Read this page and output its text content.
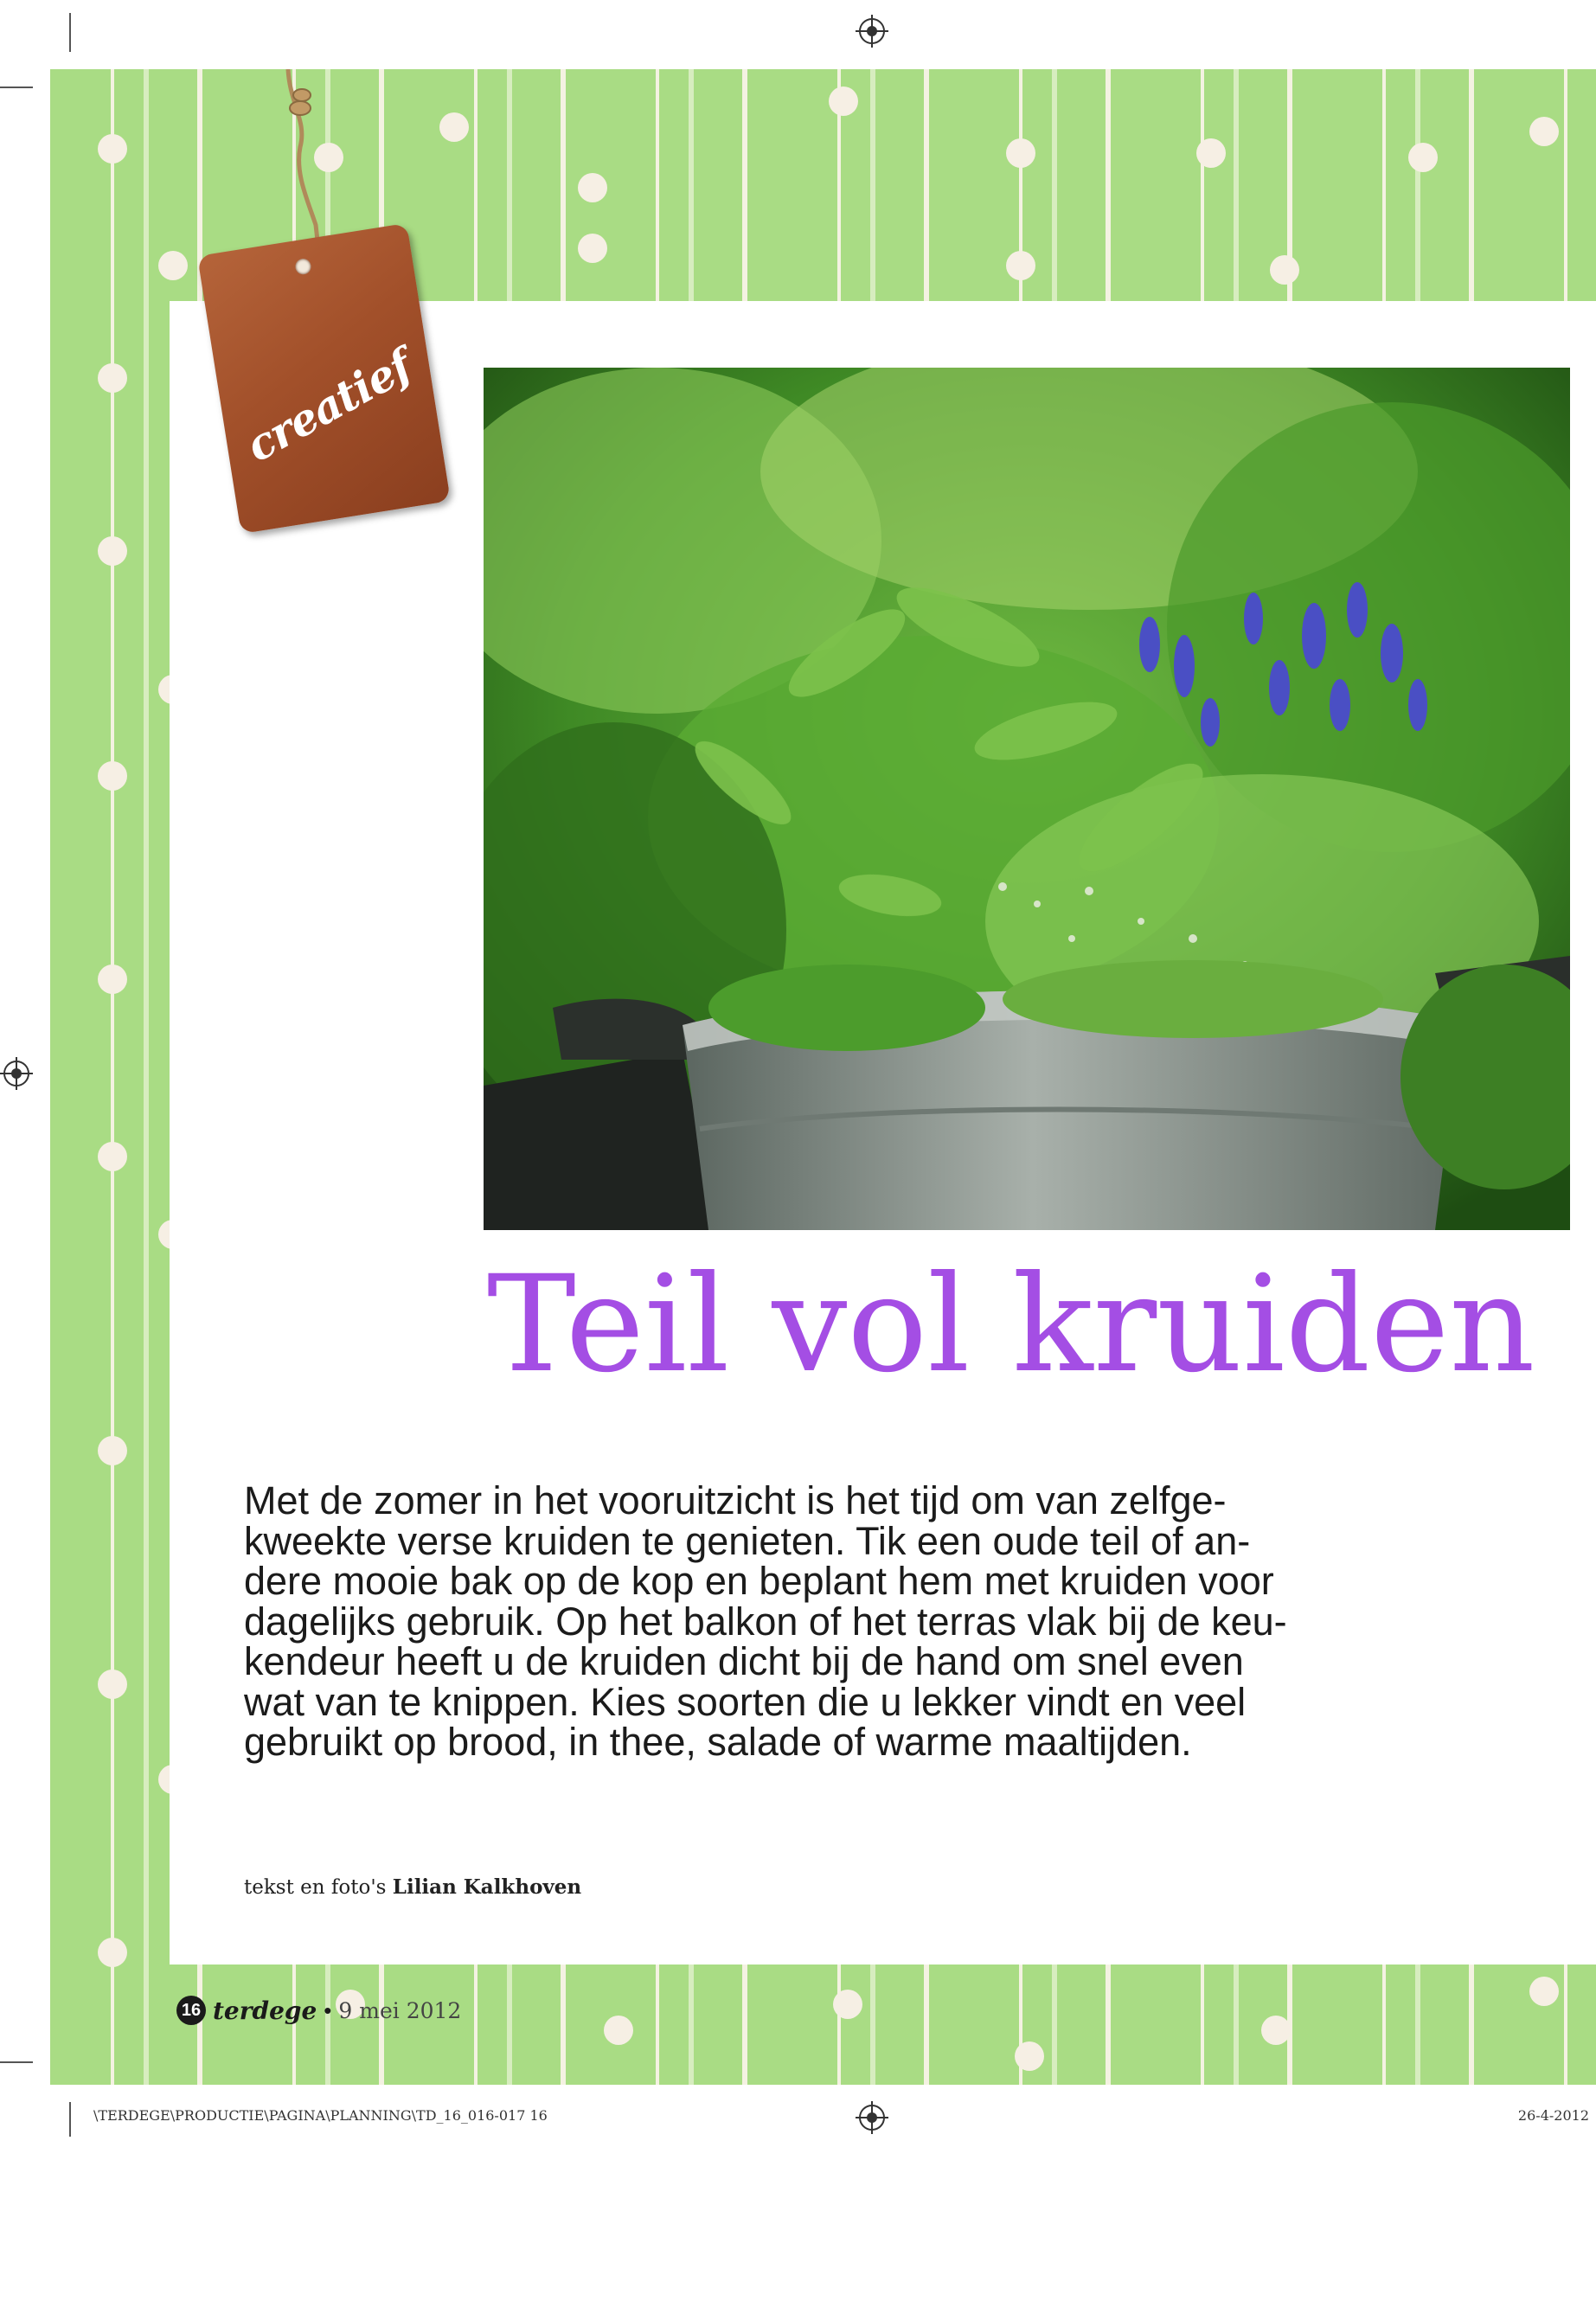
creatief
Teil vol kruiden

Met de zomer in het vooruitzicht is het tijd om van zelfge-
kweekte verse kruiden te genieten. Tik een oude teil of an-
dere mooie bak op de kop en beplant hem met kruiden voor
dagelijks gebruik. Op het balkon of het terras vlak bij de keu-
kendeur heeft u de kruiden dicht bij de hand om snel even
wat van te knippen. Kies soorten die u lekker vindt en veel
gebruikt op brood, in thee, salade of warme maaltijden.

tekst en foto's Lilian Kalkhoven
16 terdege • 9 mei 2012
\TERDEGE\PRODUCTIE\PAGINA\PLANNING\TD_16_016-017 16	26-4-2012
